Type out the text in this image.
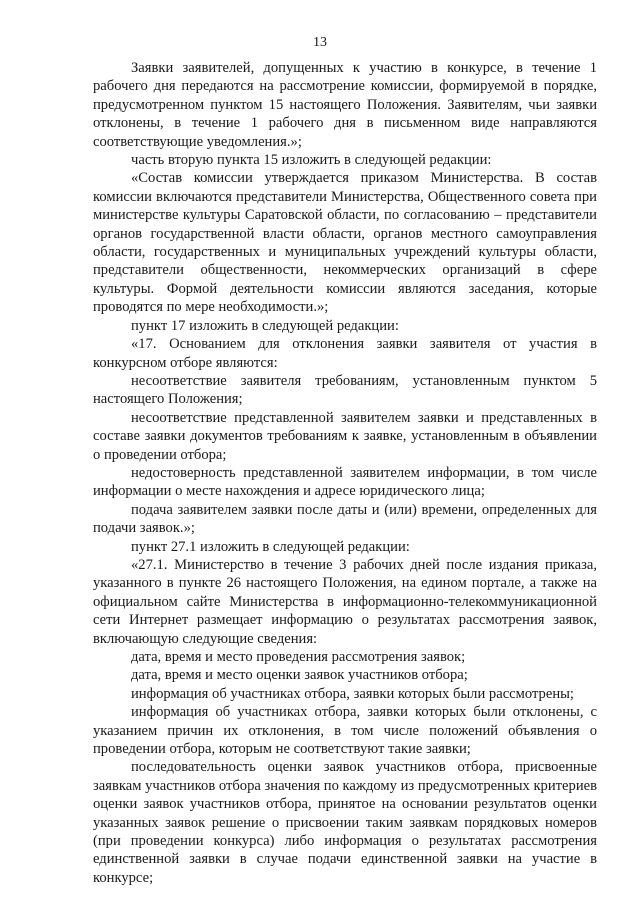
13

Заявки заявителей, допущенных к участию в конкурсе, в течение 1 рабочего дня передаются на рассмотрение комиссии, формируемой в порядке, предусмотренном пунктом 15 настоящего Положения. Заявителям, чьи заявки отклонены, в течение 1 рабочего дня в письменном виде направляются соответствующие уведомления.»;

часть вторую пункта 15 изложить в следующей редакции:

«Состав комиссии утверждается приказом Министерства. В состав комиссии включаются представители Министерства, Общественного совета при министерстве культуры Саратовской области, по согласованию – представители органов государственной власти области, органов местного самоуправления области, государственных и муниципальных учреждений культуры области, представители общественности, некоммерческих организаций в сфере культуры. Формой деятельности комиссии являются заседания, которые проводятся по мере необходимости.»;

пункт 17 изложить в следующей редакции:

«17. Основанием для отклонения заявки заявителя от участия в конкурсном отборе являются:

несоответствие заявителя требованиям, установленным пунктом 5 настоящего Положения;

несоответствие представленной заявителем заявки и представленных в составе заявки документов требованиям к заявке, установленным в объявлении о проведении отбора;

недостоверность представленной заявителем информации, в том числе информации о месте нахождения и адресе юридического лица;

подача заявителем заявки после даты и (или) времени, определенных для подачи заявок.»;

пункт 27.1 изложить в следующей редакции:

«27.1. Министерство в течение 3 рабочих дней после издания приказа, указанного в пункте 26 настоящего Положения, на едином портале, а также на официальном сайте Министерства в информационно-телекоммуникационной сети Интернет размещает информацию о результатах рассмотрения заявок, включающую следующие сведения:

дата, время и место проведения рассмотрения заявок;

дата, время и место оценки заявок участников отбора;

информация об участниках отбора, заявки которых были рассмотрены;

информация об участниках отбора, заявки которых были отклонены, с указанием причин их отклонения, в том числе положений объявления о проведении отбора, которым не соответствуют такие заявки;

последовательность оценки заявок участников отбора, присвоенные заявкам участников отбора значения по каждому из предусмотренных критериев оценки заявок участников отбора, принятое на основании результатов оценки указанных заявок решение о присвоении таким заявкам порядковых номеров (при проведении конкурса) либо информация о результатах рассмотрения единственной заявки в случае подачи единственной заявки на участие в конкурсе;
